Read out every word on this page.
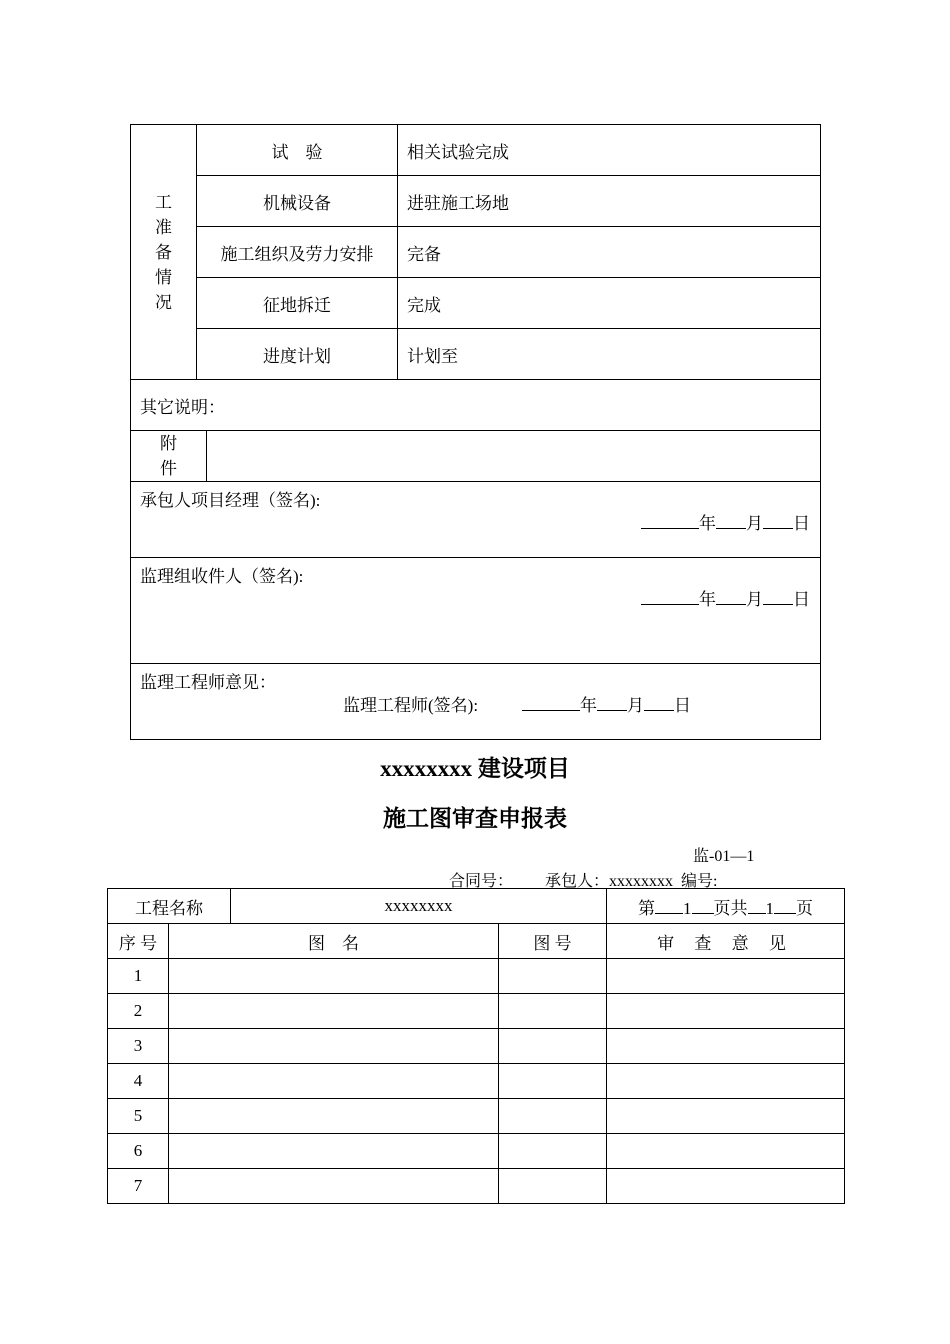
工
准
备
情
况	试　验		相关试验完成
	机械设备		进驻施工场地
	施工组织及劳力安排		完备
	征地拆迁		完成
	进度计划		计划至
其它说明：			

附
件			

承包人项目经理（签名):
年 月 日			

监理组收件人（签名):
年 月 日			

监理工程师意见：
监理工程师(签名): 年 月 日			
xxxxxxxx 建设项目
施工图审查申报表
监-01—1
合同号： 承包人：xxxxxxxx 编号:
工程名称		xxxxxxxx		第 1 页共 1 页
序 号	图　名		图 号	审 查 意 见
1				
2				
3				
4				
5				
6				
7				
